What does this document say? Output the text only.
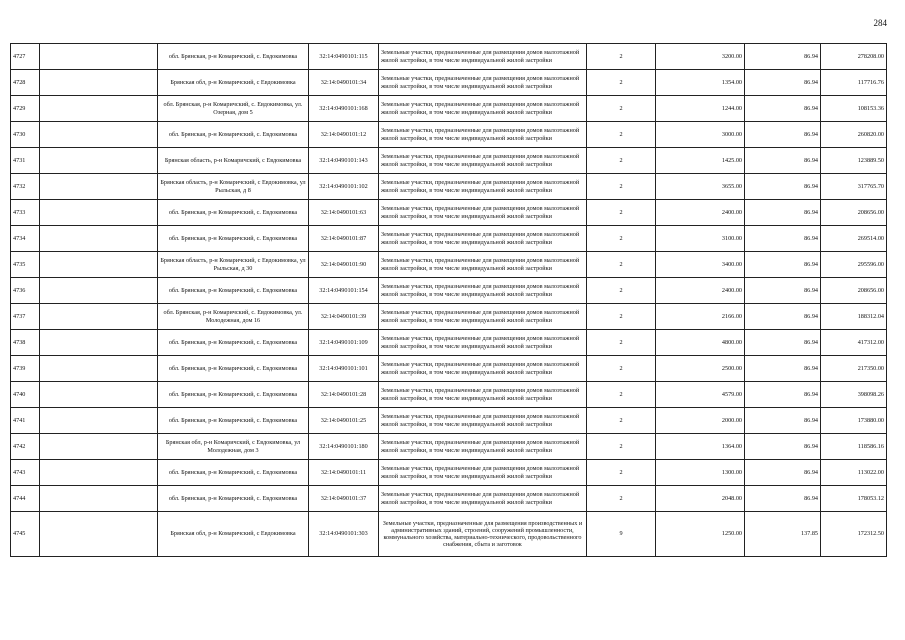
284
4727		обл. Брянская, р-н Комаричский, с. Евдокимовка	32:14:0490101:115	Земельные участки, предназначенные для размещения домов малоэтажной жилой застройки, в том числе индивидуальной жилой застройки	2	3200.00	86.94	278208.00
4728		Брянская обл, р-н Комаричский, с Евдокимовка	32:14:0490101:34	Земельные участки, предназначенные для размещения домов малоэтажной жилой застройки, в том числе индивидуальной жилой застройки	2	1354.00	86.94	117716.76
4729		обл. Брянская, р-н Комаричский, с. Евдокимовка, ул. Озерная, дом 5	32:14:0490101:168	Земельные участки, предназначенные для размещения домов малоэтажной жилой застройки, в том числе индивидуальной жилой застройки	2	1244.00	86.94	108153.36
4730		обл. Брянская, р-н Комаричский, с. Евдокимовка	32:14:0490101:12	Земельные участки, предназначенные для размещения домов малоэтажной жилой застройки, в том числе индивидуальной жилой застройки	2	3000.00	86.94	260820.00
4731		Брянская область, р-н Комаричский, с Евдокимовка	32:14:0490101:143	Земельные участки, предназначенные для размещения домов малоэтажной жилой застройки, в том числе индивидуальной жилой застройки	2	1425.00	86.94	123889.50
4732		Брянская область, р-н Комаричский, с Евдокимовка, ул Рыльская, д 8	32:14:0490101:102	Земельные участки, предназначенные для размещения домов малоэтажной жилой застройки, в том числе индивидуальной жилой застройки	2	3655.00	86.94	317765.70
4733		обл. Брянская, р-н Комаричский, с. Евдокимовка	32:14:0490101:63	Земельные участки, предназначенные для размещения домов малоэтажной жилой застройки, в том числе индивидуальной жилой застройки	2	2400.00	86.94	208656.00
4734		обл. Брянская, р-н Комаричский, с. Евдокимовка	32:14:0490101:87	Земельные участки, предназначенные для размещения домов малоэтажной жилой застройки, в том числе индивидуальной жилой застройки	2	3100.00	86.94	269514.00
4735		Брянская область, р-н Комаричский, с Евдокимовка, ул Рыльская, д 30	32:14:0490101:90	Земельные участки, предназначенные для размещения домов малоэтажной жилой застройки, в том числе индивидуальной жилой застройки	2	3400.00	86.94	295596.00
4736		обл. Брянская, р-н Комаричский, с. Евдокимовка	32:14:0490101:154	Земельные участки, предназначенные для размещения домов малоэтажной жилой застройки, в том числе индивидуальной жилой застройки	2	2400.00	86.94	208656.00
4737		обл. Брянская, р-н Комаричский, с. Евдокимовка, ул. Молодежная, дом 16	32:14:0490101:39	Земельные участки, предназначенные для размещения домов малоэтажной жилой застройки, в том числе индивидуальной жилой застройки	2	2166.00	86.94	188312.04
4738		обл. Брянская, р-н Комаричский, с. Евдокимовка	32:14:0490101:109	Земельные участки, предназначенные для размещения домов малоэтажной жилой застройки, в том числе индивидуальной жилой застройки	2	4800.00	86.94	417312.00
4739		обл. Брянская, р-н Комаричский, с. Евдокимовка	32:14:0490101:101	Земельные участки, предназначенные для размещения домов малоэтажной жилой застройки, в том числе индивидуальной жилой застройки	2	2500.00	86.94	217350.00
4740		обл. Брянская, р-н Комаричский, с. Евдокимовка	32:14:0490101:28	Земельные участки, предназначенные для размещения домов малоэтажной жилой застройки, в том числе индивидуальной жилой застройки	2	4579.00	86.94	398098.26
4741		обл. Брянская, р-н Комаричский, с. Евдокимовка	32:14:0490101:25	Земельные участки, предназначенные для размещения домов малоэтажной жилой застройки, в том числе индивидуальной жилой застройки	2	2000.00	86.94	173880.00
4742		Брянская обл, р-н Комаричский, с Евдокимовка, ул Молодежная, дом 3	32:14:0490101:180	Земельные участки, предназначенные для размещения домов малоэтажной жилой застройки, в том числе индивидуальной жилой застройки	2	1364.00	86.94	118586.16
4743		обл. Брянская, р-н Комаричский, с. Евдокимовка	32:14:0490101:11	Земельные участки, предназначенные для размещения домов малоэтажной жилой застройки, в том числе индивидуальной жилой застройки	2	1300.00	86.94	113022.00
4744		обл. Брянская, р-н Комаричский, с. Евдокимовка	32:14:0490101:37	Земельные участки, предназначенные для размещения домов малоэтажной жилой застройки, в том числе индивидуальной жилой застройки	2	2048.00	86.94	178053.12
4745		Брянская обл, р-н Комаричский, с Евдокимовка	32:14:0490101:303	Земельные участки, предназначенные для размещения производственных и административных зданий, строений, сооружений промышленности, коммунального хозяйства, материально-технического, продовольственного снабжения, сбыта и заготовок	9	1250.00	137.85	172312.50
